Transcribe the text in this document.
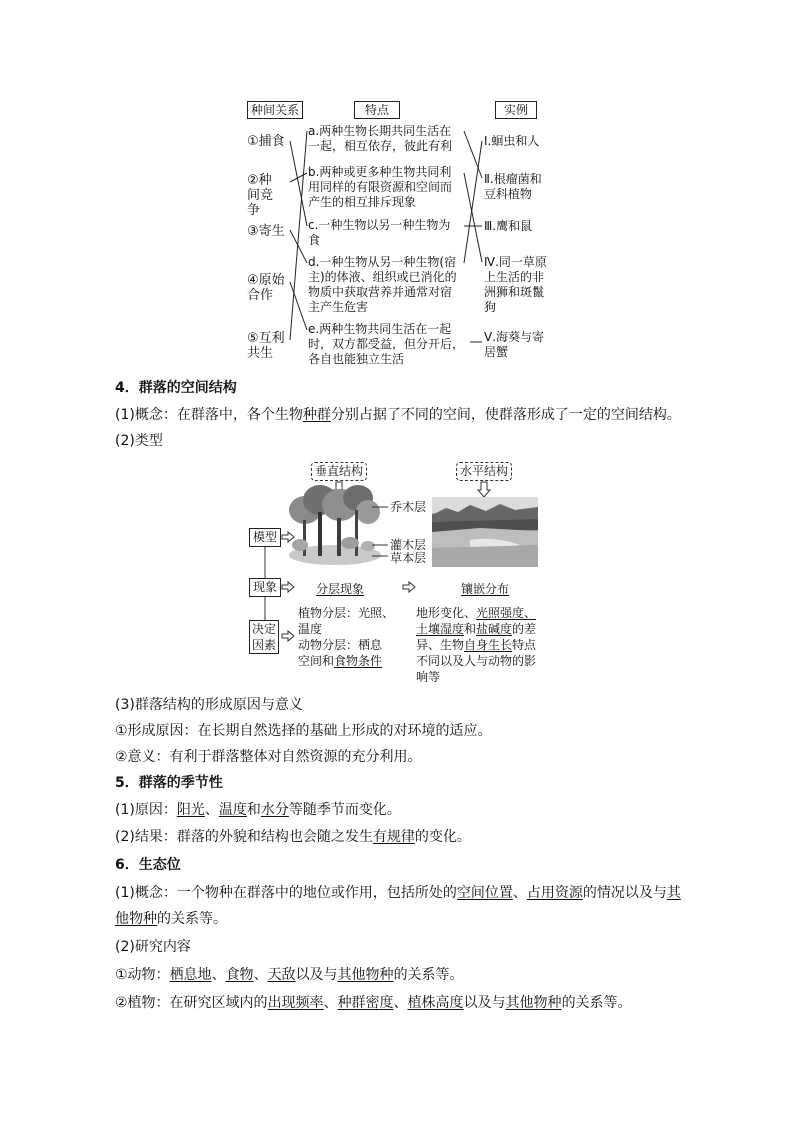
种间关系	特点	实例
①捕食
②种间竞争
③寄生
④原始合作
⑤互利共生
a.两种生物长期共同生活在一起，相互依存，彼此有利
b.两种或更多种生物共同利用同样的有限资源和空间而产生的相互排斥现象
c.一种生物以另一种生物为食
d.一种生物从另一种生物(宿主)的体液、组织或已消化的物质中获取营养并通常对宿主产生危害
e.两种生物共同生活在一起时，双方都受益，但分开后，各自也能独立生活
Ⅰ.蛔虫和人
Ⅱ.根瘤菌和豆科植物
Ⅲ.鹰和鼠
Ⅳ.同一草原上生活的非洲狮和斑鬣狗
Ⅴ.海葵与寄居蟹
4．群落的空间结构
(1)概念：在群落中，各个生物种群分别占据了不同的空间，使群落形成了一定的空间结构。
(2)类型
垂直结构	水平结构
模型
现象
决定因素
乔木层
灌木层
草本层
分层现象	镶嵌分布
植物分层：光照、
温度
动物分层：栖息
空间和食物条件
地形变化、光照强度、
土壤湿度和盐碱度的差
异、生物自身生长特点
不同以及人与动物的影
响等
(3)群落结构的形成原因与意义
①形成原因：在长期自然选择的基础上形成的对环境的适应。
②意义：有利于群落整体对自然资源的充分利用。
5．群落的季节性
(1)原因：阳光、温度和水分等随季节而变化。
(2)结果：群落的外貌和结构也会随之发生有规律的变化。
6．生态位
(1)概念：一个物种在群落中的地位或作用，包括所处的空间位置、占用资源的情况以及与其
他物种的关系等。
(2)研究内容
①动物：栖息地、食物、天敌以及与其他物种的关系等。
②植物：在研究区域内的出现频率、种群密度、植株高度以及与其他物种的关系等。
